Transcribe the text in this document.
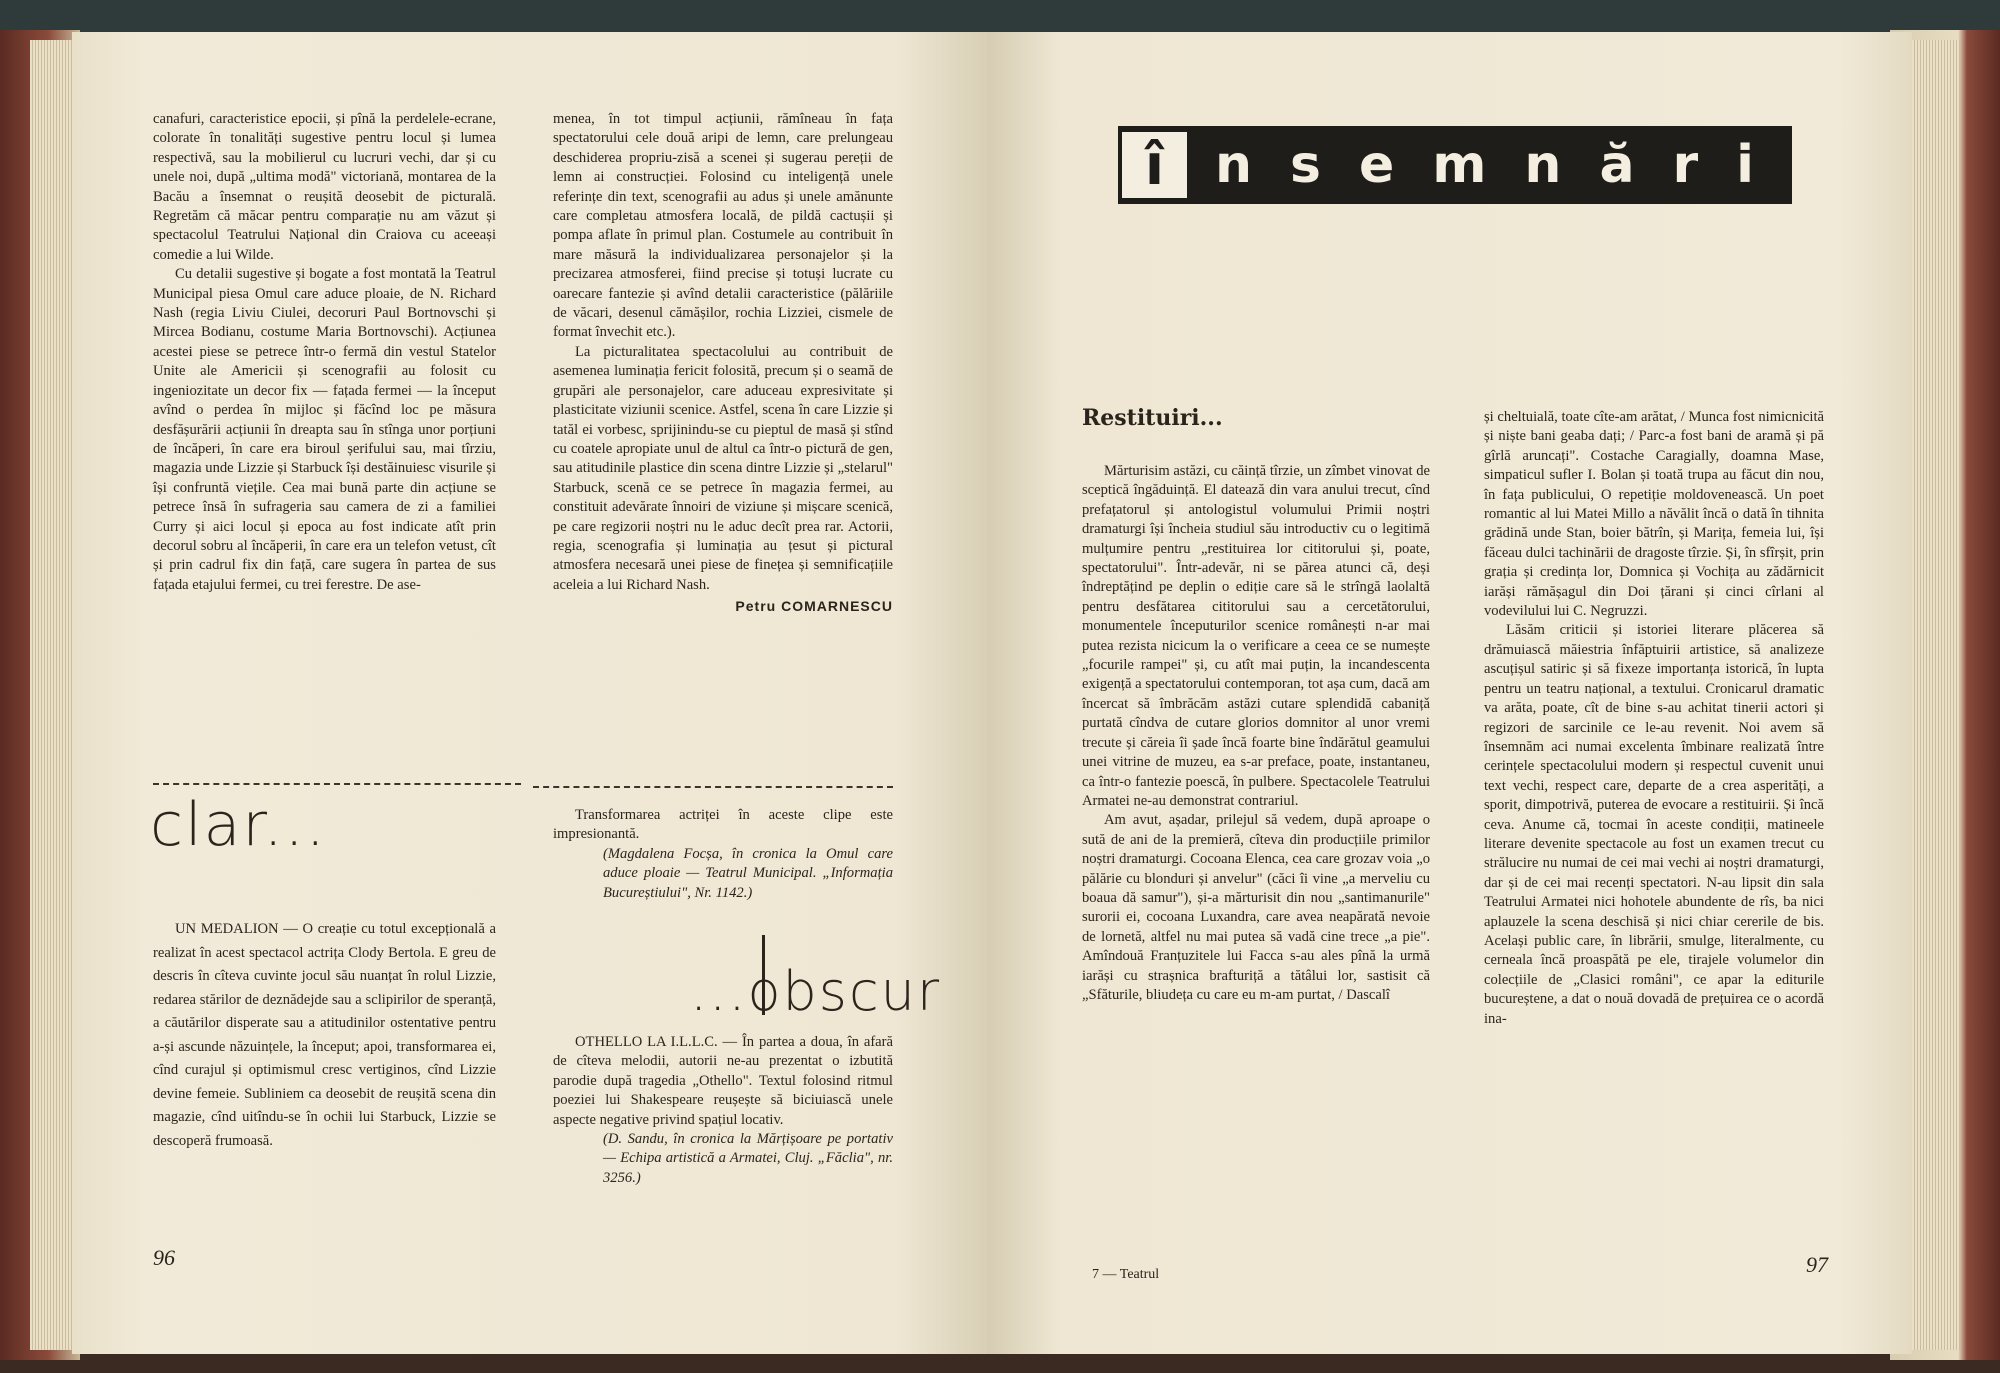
canafuri, caracteristice epocii, și pînă la perdelele-ecrane, colorate în tonalități sugestive pentru locul și lumea respectivă, sau la mobilierul cu lucruri vechi, dar și cu unele noi, după „ultima modă" victoriană, montarea de la Bacău a însemnat o reușită deosebit de picturală. Regretăm că măcar pentru comparație nu am văzut și spectacolul Teatrului Național din Craiova cu aceeași comedie a lui Wilde.

Cu detalii sugestive și bogate a fost montată la Teatrul Municipal piesa Omul care aduce ploaie, de N. Richard Nash (regia Liviu Ciulei, decoruri Paul Bortnovschi și Mircea Bodianu, costume Maria Bortnovschi). Acțiunea acestei piese se petrece într-o fermă din vestul Statelor Unite ale Americii și scenografii au folosit cu ingeniozitate un decor fix — fațada fermei — la început avînd o perdea în mijloc și făcînd loc pe măsura desfășurării acțiunii în dreapta sau în stînga unor porțiuni de încăperi, în care era biroul șerifului sau, mai tîrziu, magazia unde Lizzie și Starbuck își destăinuiesc visurile și își confruntă viețile. Cea mai bună parte din acțiune se petrece însă în sufrageria sau camera de zi a familiei Curry și aici locul și epoca au fost indicate atît prin decorul sobru al încăperii, în care era un telefon vetust, cît și prin cadrul fix din față, care sugera în partea de sus fațada etajului fermei, cu trei ferestre. De ase-

menea, în tot timpul acțiunii, rămîneau în fața spectatorului cele două aripi de lemn, care prelungeau deschiderea propriu-zisă a scenei și sugerau pereții de lemn ai construcției. Folosind cu inteligență unele referințe din text, scenografii au adus și unele amănunte care completau atmosfera locală, de pildă cactușii și pompa aflate în primul plan. Costumele au contribuit în mare măsură la individualizarea personajelor și la precizarea atmosferei, fiind precise și totuși lucrate cu oarecare fantezie și avînd detalii caracteristice (pălăriile de văcari, desenul cămășilor, rochia Lizziei, cismele de format învechit etc.).

La picturalitatea spectacolului au contribuit de asemenea luminația fericit folosită, precum și o seamă de grupări ale personajelor, care aduceau expresivitate și plasticitate viziunii scenice. Astfel, scena în care Lizzie și tatăl ei vorbesc, sprijinindu-se cu pieptul de masă și stînd cu coatele apropiate unul de altul ca într-o pictură de gen, sau atitudinile plastice din scena dintre Lizzie și „stelarul" Starbuck, scenă ce se petrece în magazia fermei, au constituit adevărate înnoiri de viziune și mișcare scenică, pe care regizorii noștri nu le aduc decît prea rar. Actorii, regia, scenografia și luminația au țesut și pictural atmosfera necesară unei piese de finețea și semnificațiile aceleia a lui Richard Nash.

Petru COMARNESCU
clar...

UN MEDALION — O creație cu totul excepțională a realizat în acest spectacol actrița Clody Bertola. E greu de descris în cîteva cuvinte jocul său nuanțat în rolul Lizzie, redarea stărilor de deznădejde sau a sclipirilor de speranță, a căutărilor disperate sau a atitudinilor ostentative pentru a-și ascunde năzuințele, la început; apoi, transformarea ei, cînd curajul și optimismul cresc vertiginos, cînd Lizzie devine femeie. Subliniem ca deosebit de reușită scena din magazie, cînd uitîndu-se în ochii lui Starbuck, Lizzie se descoperă frumoasă.

Transformarea actriței în aceste clipe este impresionantă.

(Magdalena Focșa, în cronica la Omul care aduce ploaie — Teatrul Municipal. „Informația Bucureștiului", Nr. 1142.)

...obscur

OTHELLO LA I.L.L.C. — În partea a doua, în afară de cîteva melodii, autorii ne-au prezentat o izbutită parodie după tragedia „Othello". Textul folosind ritmul poeziei lui Shakespeare reușește să biciuiască unele aspecte negative privind spațiul locativ.

(D. Sandu, în cronica la Mărțișoare pe portativ — Echipa artistică a Armatei, Cluj. „Făclia", nr. 3256.)

96
î nsemnări
Restituiri...

Mărturisim astăzi, cu căință tîrzie, un zîmbet vinovat de sceptică îngăduință. El datează din vara anului trecut, cînd prefațatorul și antologistul volumului Primii noștri dramaturgi își încheia studiul său introductiv cu o legitimă mulțumire pentru „restituirea lor cititorului și, poate, spectatorului". Într-adevăr, ni se părea atunci că, deși îndreptățind pe deplin o ediție care să le strîngă laolaltă pentru desfătarea cititorului sau a cercetătorului, monumentele începuturilor scenice românești n-ar mai putea rezista nicicum la o verificare a ceea ce se numește „focurile rampei" și, cu atît mai puțin, la incandescenta exigență a spectatorului contemporan, tot așa cum, dacă am încercat să îmbrăcăm astăzi cutare splendidă cabanițǎ purtată cîndva de cutare glorios domnitor al unor vremi trecute și căreia îi șade încă foarte bine îndărătul geamului unei vitrine de muzeu, ea s-ar preface, poate, instantaneu, ca într-o fantezie poescă, în pulbere. Spectacolele Teatrului Armatei ne-au demonstrat contrariul.

Am avut, așadar, prilejul să vedem, după aproape o sută de ani de la premieră, cîteva din producțiile primilor noștri dramaturgi. Cocoana Elenca, cea care grozav voia „o pălărie cu blonduri și anvelur" (căci îi vine „a merveliu cu boaua dă samur"), și-a mărturisit din nou „santimanurile" surorii ei, cocoana Luxandra, care avea neapărată nevoie de lornetă, altfel nu mai putea să vadă cine trece „a pie". Amîndouă Franțuzitele lui Facca s-au ales pînă la urmă iarăși cu strașnica brafturiță a tătâlui lor, sastisit că „Sfăturile, bliudeța cu care eu m-am purtat, / Dascalî

și cheltuială, toate cîte-am arătat, / Munca fost nimicnicită și niște bani geaba dați; / Parc-a fost bani de aramă și pă gîrlă aruncați". Costache Caragially, doamna Mase, simpaticul sufler I. Bolan și toată trupa au făcut din nou, în fața publicului, O repetiție moldovenească. Un poet romantic al lui Matei Millo a năvălit încă o dată în tihnita grădină unde Stan, boier bătrîn, și Marița, femeia lui, își făceau dulci tachinării de dragoste tîrzie. Și, în sfîrșit, prin grația și credința lor, Domnica și Vochița au zădărnicit iarăși rămășagul din Doi țărani și cinci cîrlani al vodevilului lui C. Negruzzi.

Lăsăm criticii și istoriei literare plăcerea să drămuiască măiestria înfăptuirii artistice, să analizeze ascuțișul satiric și să fixeze importanța istorică, în lupta pentru un teatru național, a textului. Cronicarul dramatic va arăta, poate, cît de bine s-au achitat tinerii actori și regizori de sarcinile ce le-au revenit. Noi avem să însemnăm aci numai excelenta îmbinare realizată între cerințele spectacolului modern și respectul cuvenit unui text vechi, respect care, departe de a crea asperități, a sporit, dimpotrivă, puterea de evocare a restituirii. Și încă ceva. Anume că, tocmai în aceste condiții, matineele literare devenite spectacole au fost un examen trecut cu strălucire nu numai de cei mai vechi ai noștri dramaturgi, dar și de cei mai recenți spectatori. N-au lipsit din sala Teatrului Armatei nici hohotele abundente de rîs, ba nici aplauzele la scena deschisă și nici chiar cererile de bis. Același public care, în librării, smulge, literalmente, cu cerneala încă proaspătă pe ele, tirajele volumelor din colecțiile de „Clasici români", ce apar la editurile bucureștene, a dat o nouă dovadă de prețuirea ce o acordă ina-

7 — Teatrul	97
